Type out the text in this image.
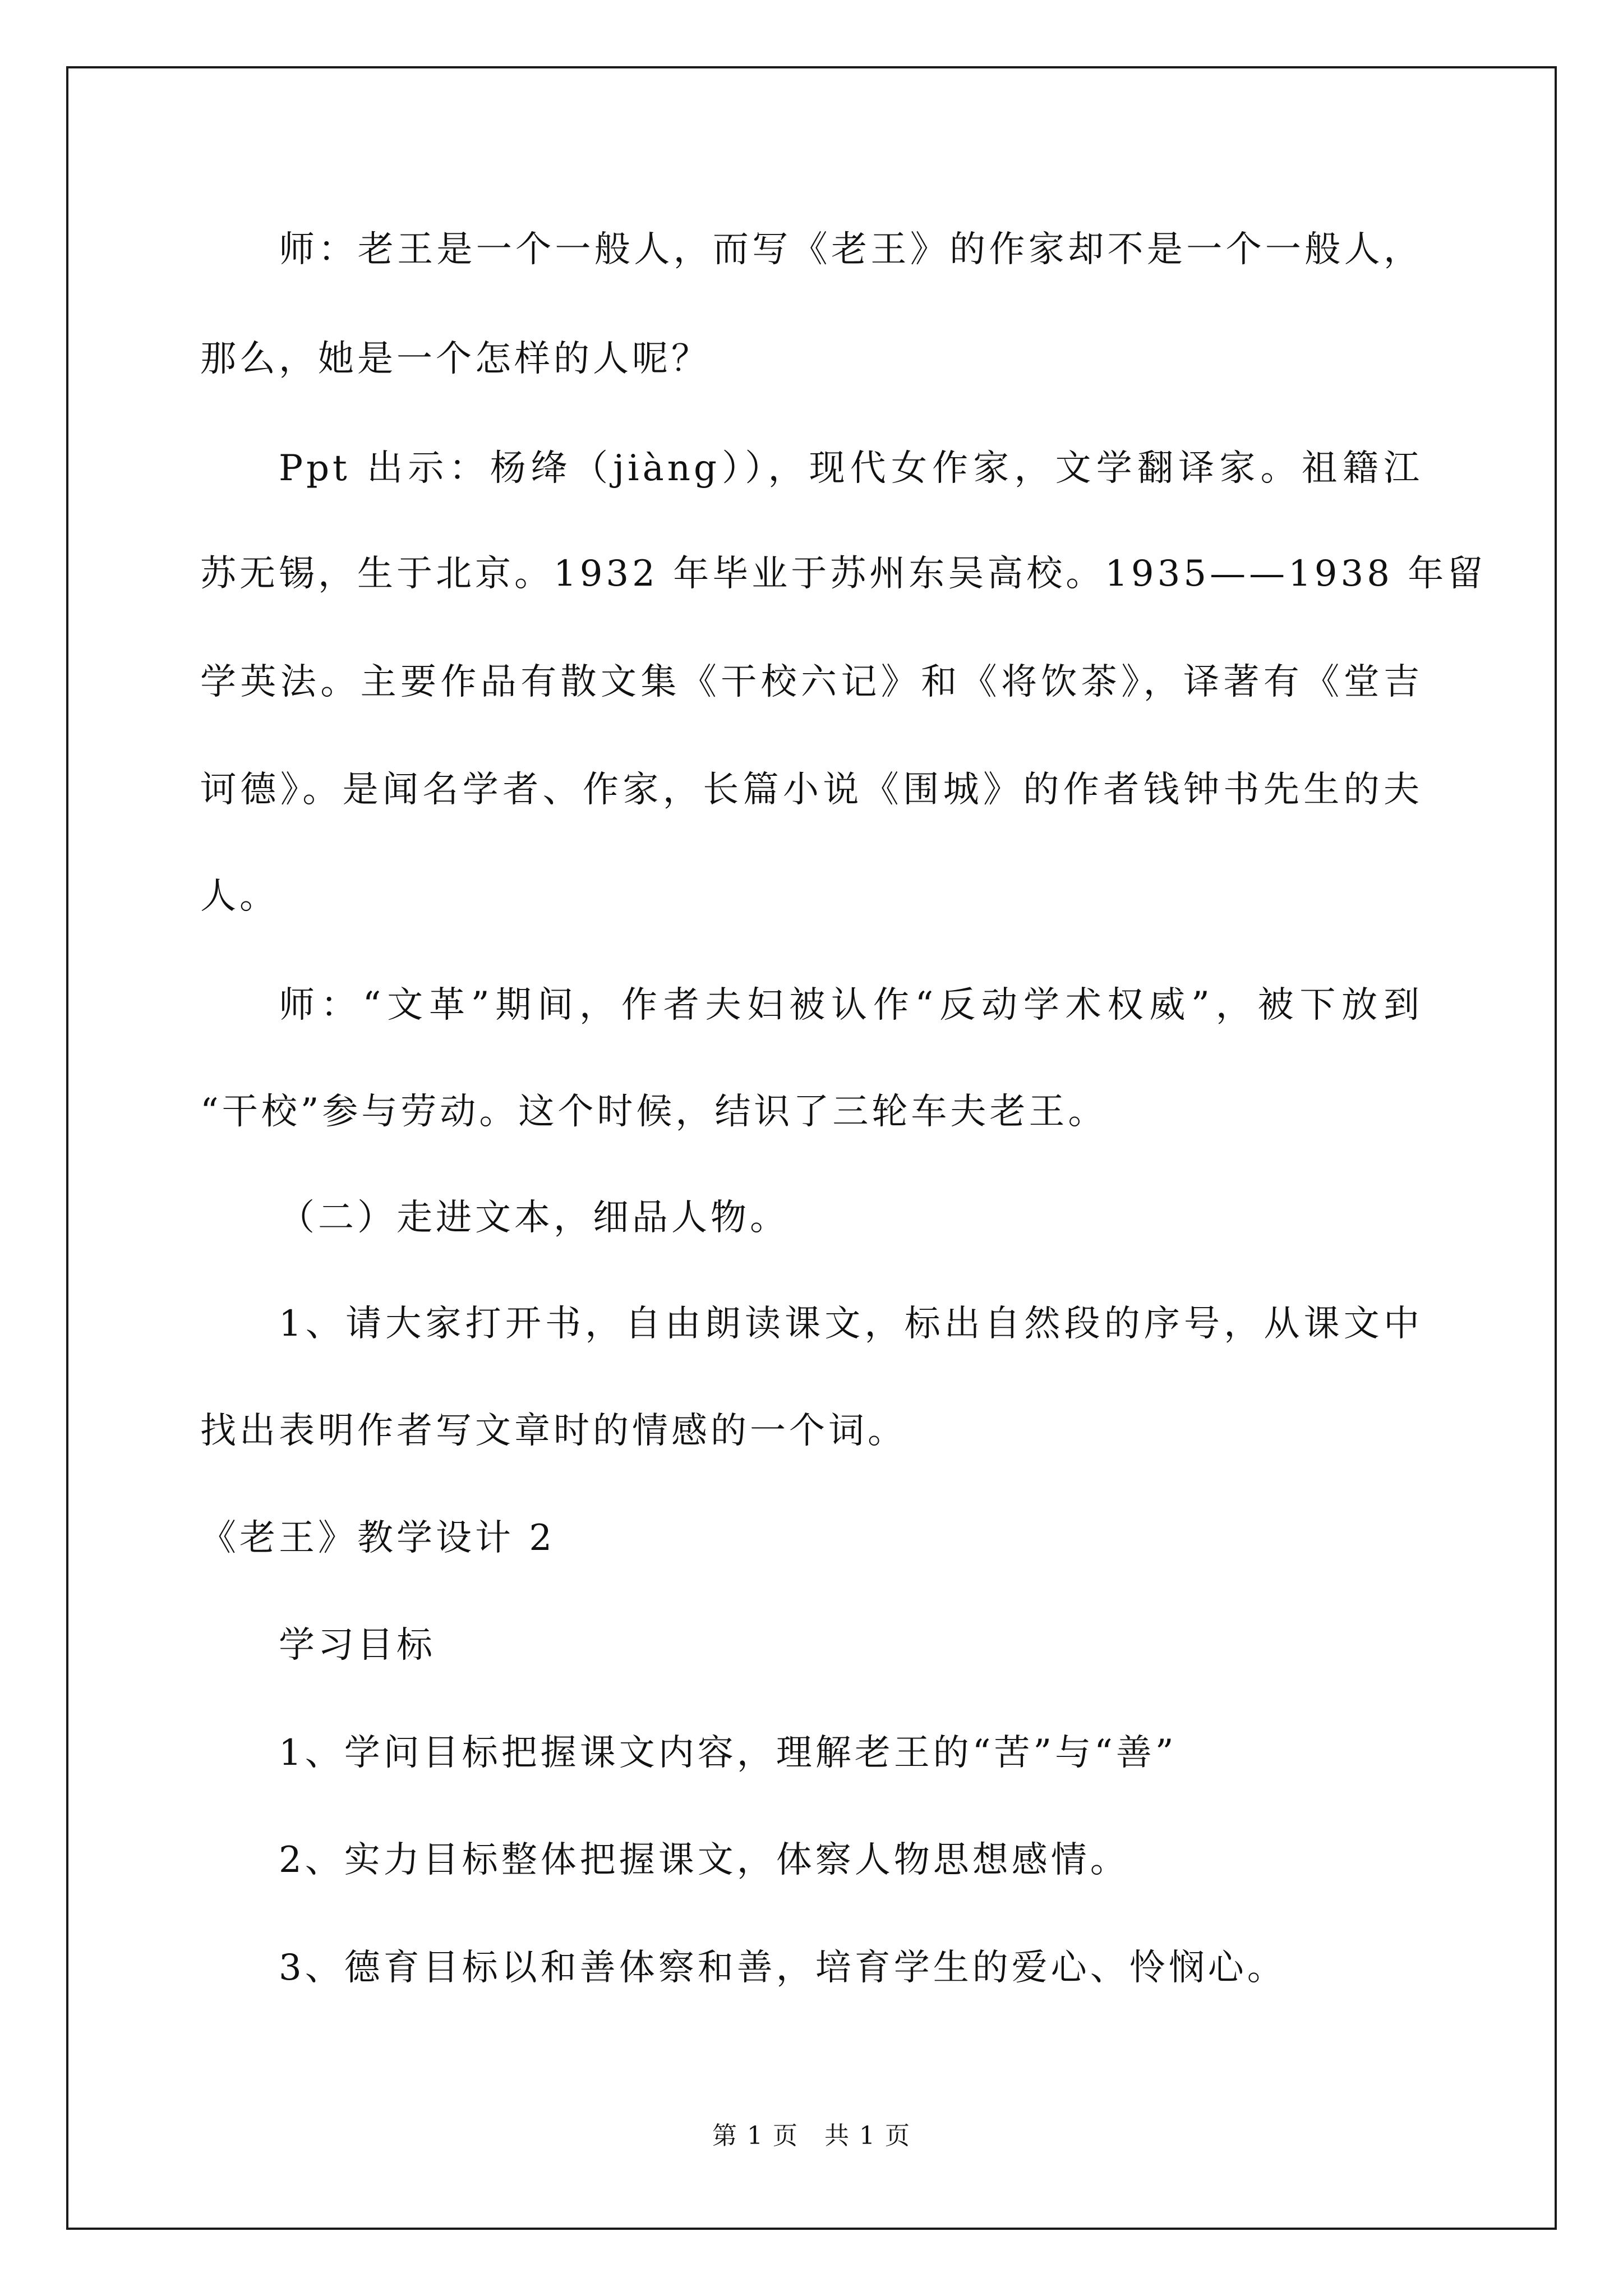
师：老王是一个一般人，而写《老王》的作家却不是一个一般人，
那么，她是一个怎样的人呢？
Ppt 出示：杨绛（jiàng）），现代女作家，文学翻译家。祖籍江
苏无锡，生于北京。1932 年毕业于苏州东吴高校。1935——1938 年留
学英法。主要作品有散文集《干校六记》和《将饮茶》，译著有《堂吉
诃德》。是闻名学者、作家，长篇小说《围城》的作者钱钟书先生的夫
人。
师：“文革”期间，作者夫妇被认作“反动学术权威”，被下放到
“干校”参与劳动。这个时候，结识了三轮车夫老王。
（二）走进文本，细品人物。
1、请大家打开书，自由朗读课文，标出自然段的序号，从课文中
找出表明作者写文章时的情感的一个词。
《老王》教学设计 2
学习目标
1、学问目标把握课文内容，理解老王的“苦”与“善”
2、实力目标整体把握课文，体察人物思想感情。
3、德育目标以和善体察和善，培育学生的爱心、怜悯心。
第 1 页　共 1 页
